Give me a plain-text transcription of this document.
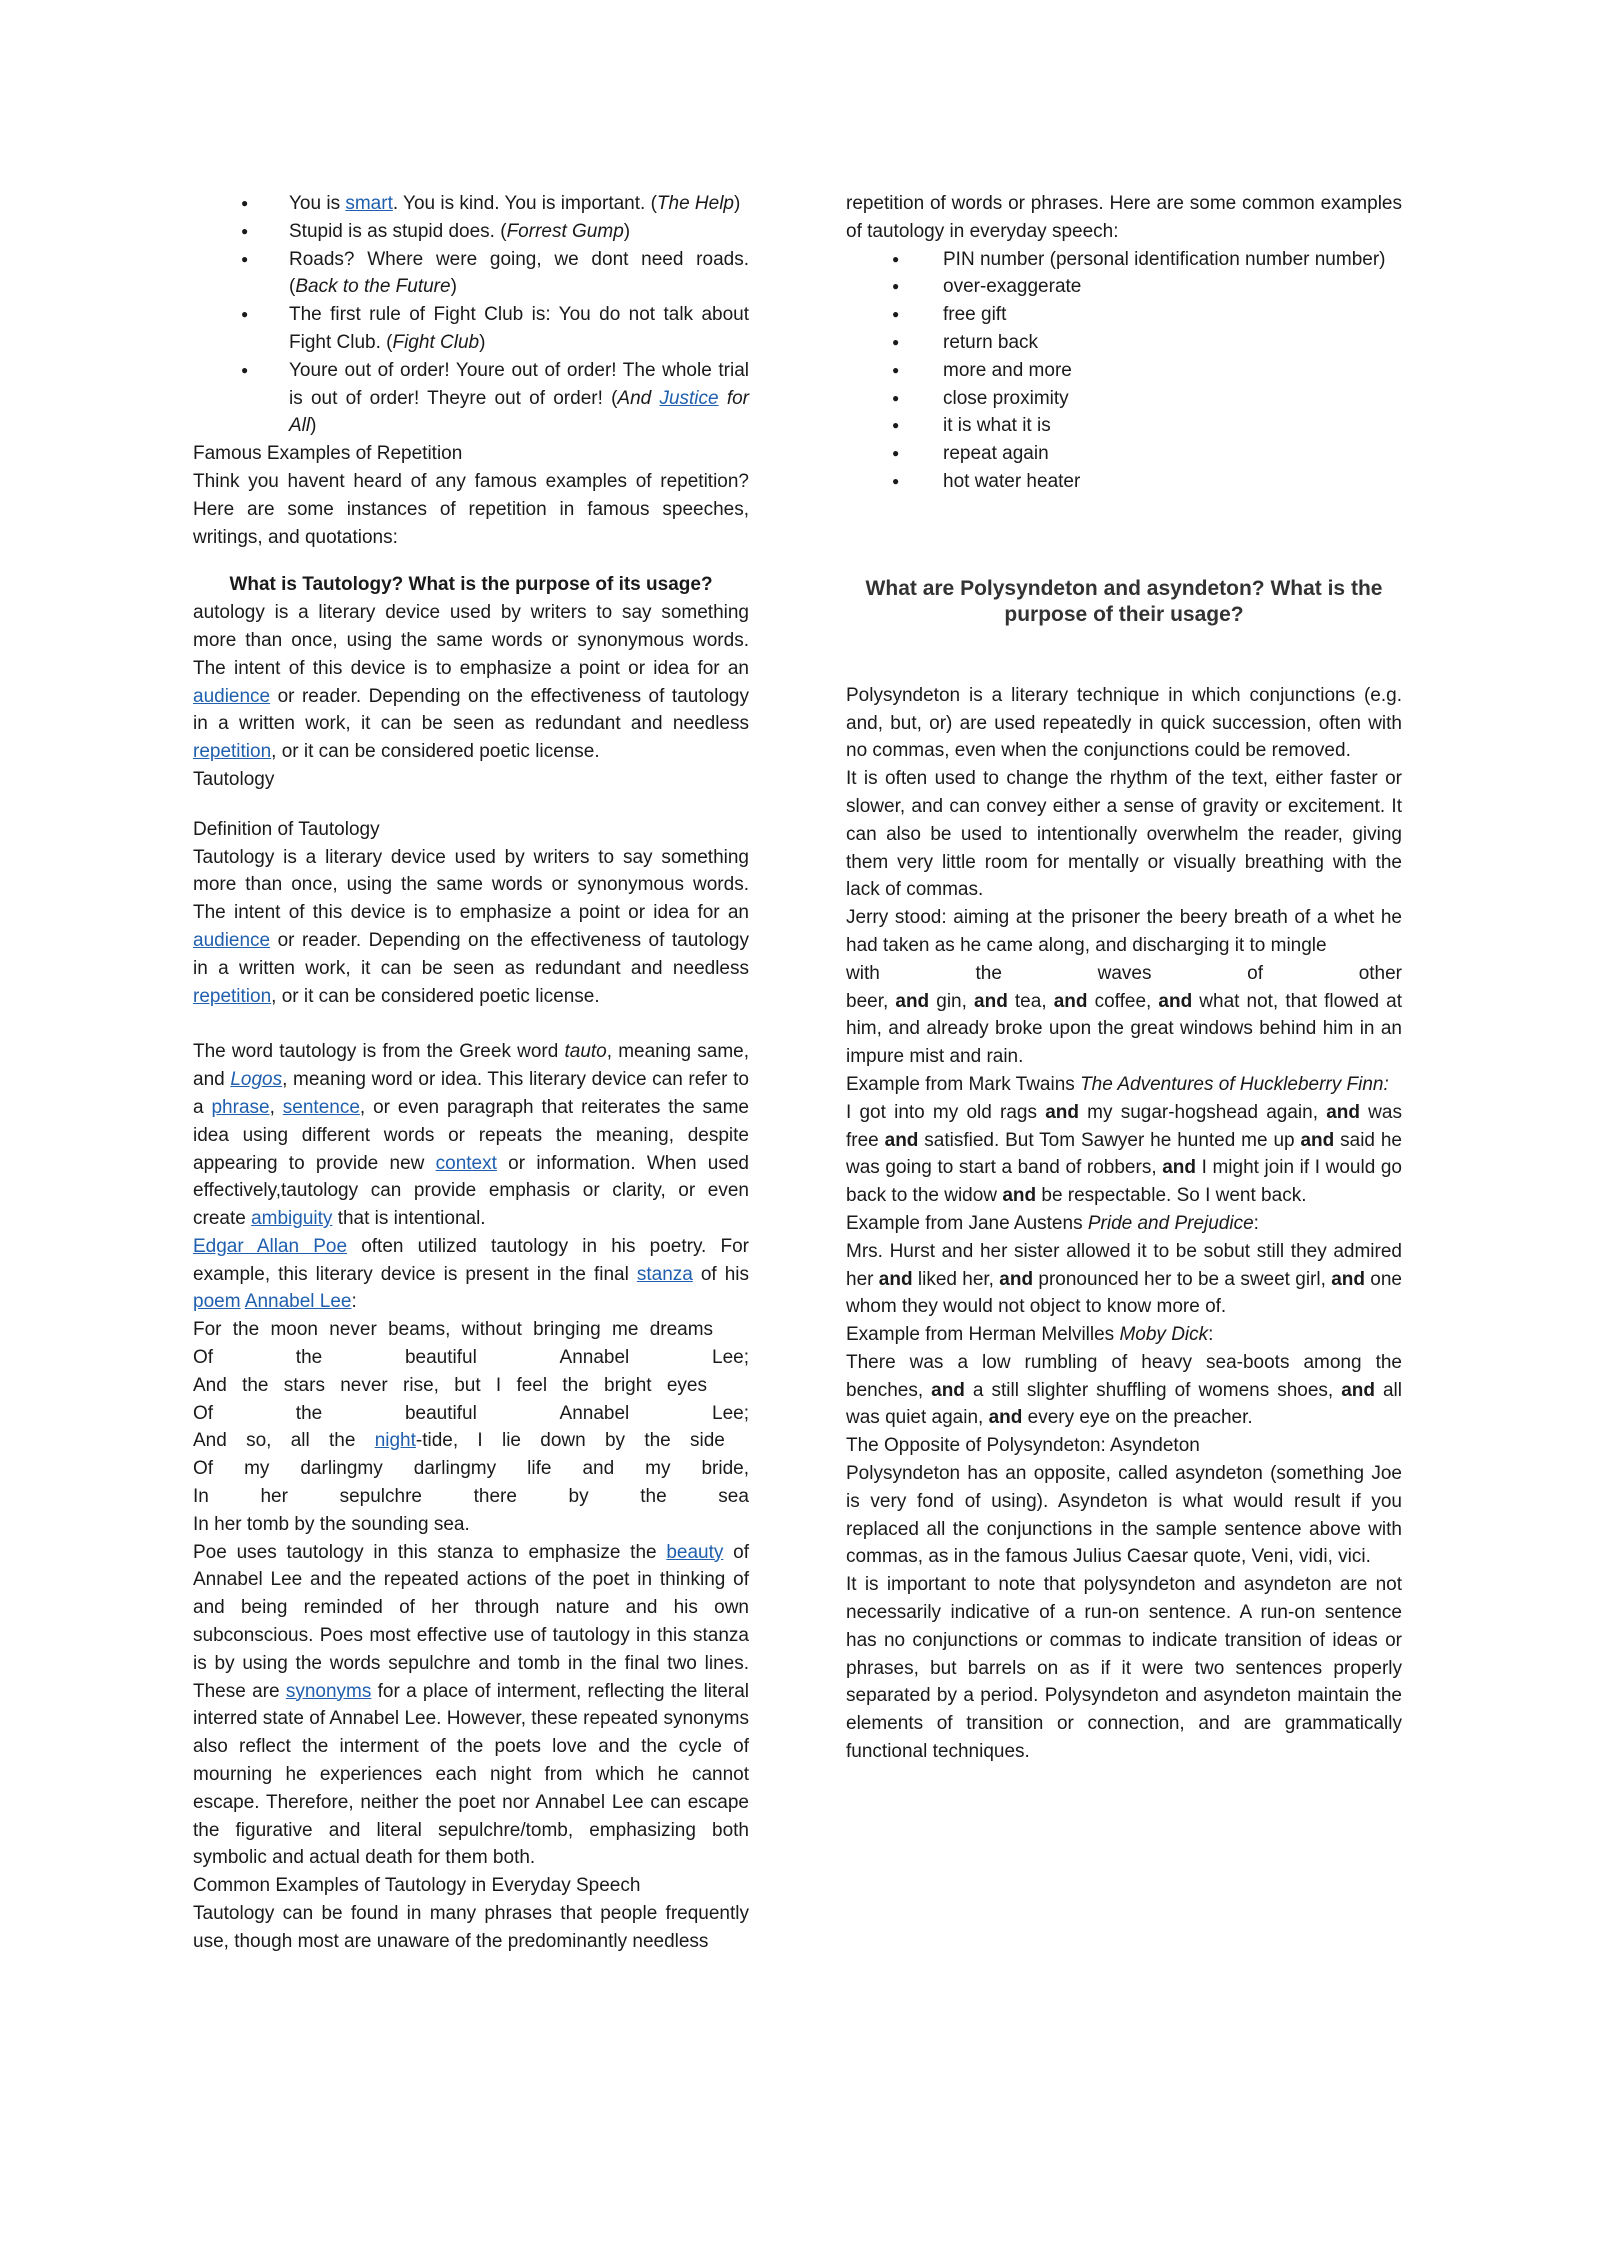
● You is smart. You is kind. You is important. (The Help)
● Stupid is as stupid does. (Forrest Gump)
● Roads? Where were going, we dont need roads. (Back to the Future)
● The first rule of Fight Club is: You do not talk about Fight Club. (Fight Club)
● Youre out of order! Youre out of order! The whole trial is out of order! Theyre out of order! (And Justice for All)

Famous Examples of Repetition

Think you havent heard of any famous examples of repetition? Here are some instances of repetition in famous speeches, writings, and quotations:

What is Tautology? What is the purpose of its usage?

autology is a literary device used by writers to say something more than once, using the same words or synonymous words. The intent of this device is to emphasize a point or idea for an audience or reader. Depending on the effectiveness of tautology in a written work, it can be seen as redundant and needless repetition, or it can be considered poetic license.

Tautology

Definition of Tautology

Tautology is a literary device used by writers to say something more than once, using the same words or synonymous words. The intent of this device is to emphasize a point or idea for an audience or reader. Depending on the effectiveness of tautology in a written work, it can be seen as redundant and needless repetition, or it can be considered poetic license.

The word tautology is from the Greek word tauto, meaning same, and Logos, meaning word or idea. This literary device can refer to a phrase, sentence, or even paragraph that reiterates the same idea using different words or repeats the meaning, despite appearing to provide new context or information. When used effectively,tautology can provide emphasis or clarity, or even create ambiguity that is intentional.

Edgar Allan Poe often utilized tautology in his poetry. For example, this literary device is present in the final stanza of his poem Annabel Lee:

For the moon never beams, without bringing me dreams
Of	the	beautiful	Annabel	Lee;
And the stars never rise, but I feel the bright eyes
Of	the	beautiful	Annabel	Lee;
And so, all the night-tide, I lie down by the side
Of my darlingmy darlingmy life and my bride,
In	her	sepulchre	there	by	the	sea
In her tomb by the sounding sea.

Poe uses tautology in this stanza to emphasize the beauty of Annabel Lee and the repeated actions of the poet in thinking of and being reminded of her through nature and his own subconscious. Poes most effective use of tautology in this stanza is by using the words sepulchre and tomb in the final two lines. These are synonyms for a place of interment, reflecting the literal interred state of Annabel Lee. However, these repeated synonyms also reflect the interment of the poets love and the cycle of mourning he experiences each night from which he cannot escape. Therefore, neither the poet nor Annabel Lee can escape the figurative and literal sepulchre/tomb, emphasizing both symbolic and actual death for them both.

Common Examples of Tautology in Everyday Speech

Tautology can be found in many phrases that people frequently use, though most are unaware of the predominantly needless

repetition of words or phrases. Here are some common examples of tautology in everyday speech:

● PIN number (personal identification number number)
● over-exaggerate
● free gift
● return back
● more and more
● close proximity
● it is what it is
● repeat again
● hot water heater

What are Polysyndeton and asyndeton? What is the purpose of their usage?

Polysyndeton is a literary technique in which conjunctions (e.g. and, but, or) are used repeatedly in quick succession, often with no commas, even when the conjunctions could be removed.

It is often used to change the rhythm of the text, either faster or slower, and can convey either a sense of gravity or excitement. It can also be used to intentionally overwhelm the reader, giving them very little room for mentally or visually breathing with the lack of commas.

Jerry stood: aiming at the prisoner the beery breath of a whet he had taken as he came along, and discharging it to mingle

with	the	waves	of	other

beer, and gin, and tea, and coffee, and what not, that flowed at him, and already broke upon the great windows behind him in an impure mist and rain.

Example from Mark Twains The Adventures of Huckleberry Finn:

I got into my old rags and my sugar-hogshead again, and was free and satisfied. But Tom Sawyer he hunted me up and said he was going to start a band of robbers, and I might join if I would go back to the widow and be respectable. So I went back.

Example from Jane Austens Pride and Prejudice:

Mrs. Hurst and her sister allowed it to be sobut still they admired her and liked her, and pronounced her to be a sweet girl, and one whom they would not object to know more of.

Example from Herman Melvilles Moby Dick:

There was a low rumbling of heavy sea-boots among the benches, and a still slighter shuffling of womens shoes, and all was quiet again, and every eye on the preacher.

The Opposite of Polysyndeton: Asyndeton

Polysyndeton has an opposite, called asyndeton (something Joe is very fond of using). Asyndeton is what would result if you replaced all the conjunctions in the sample sentence above with commas, as in the famous Julius Caesar quote, Veni, vidi, vici.

It is important to note that polysyndeton and asyndeton are not necessarily indicative of a run-on sentence. A run-on sentence has no conjunctions or commas to indicate transition of ideas or phrases, but barrels on as if it were two sentences properly separated by a period. Polysyndeton and asyndeton maintain the elements of transition or connection, and are grammatically functional techniques.
